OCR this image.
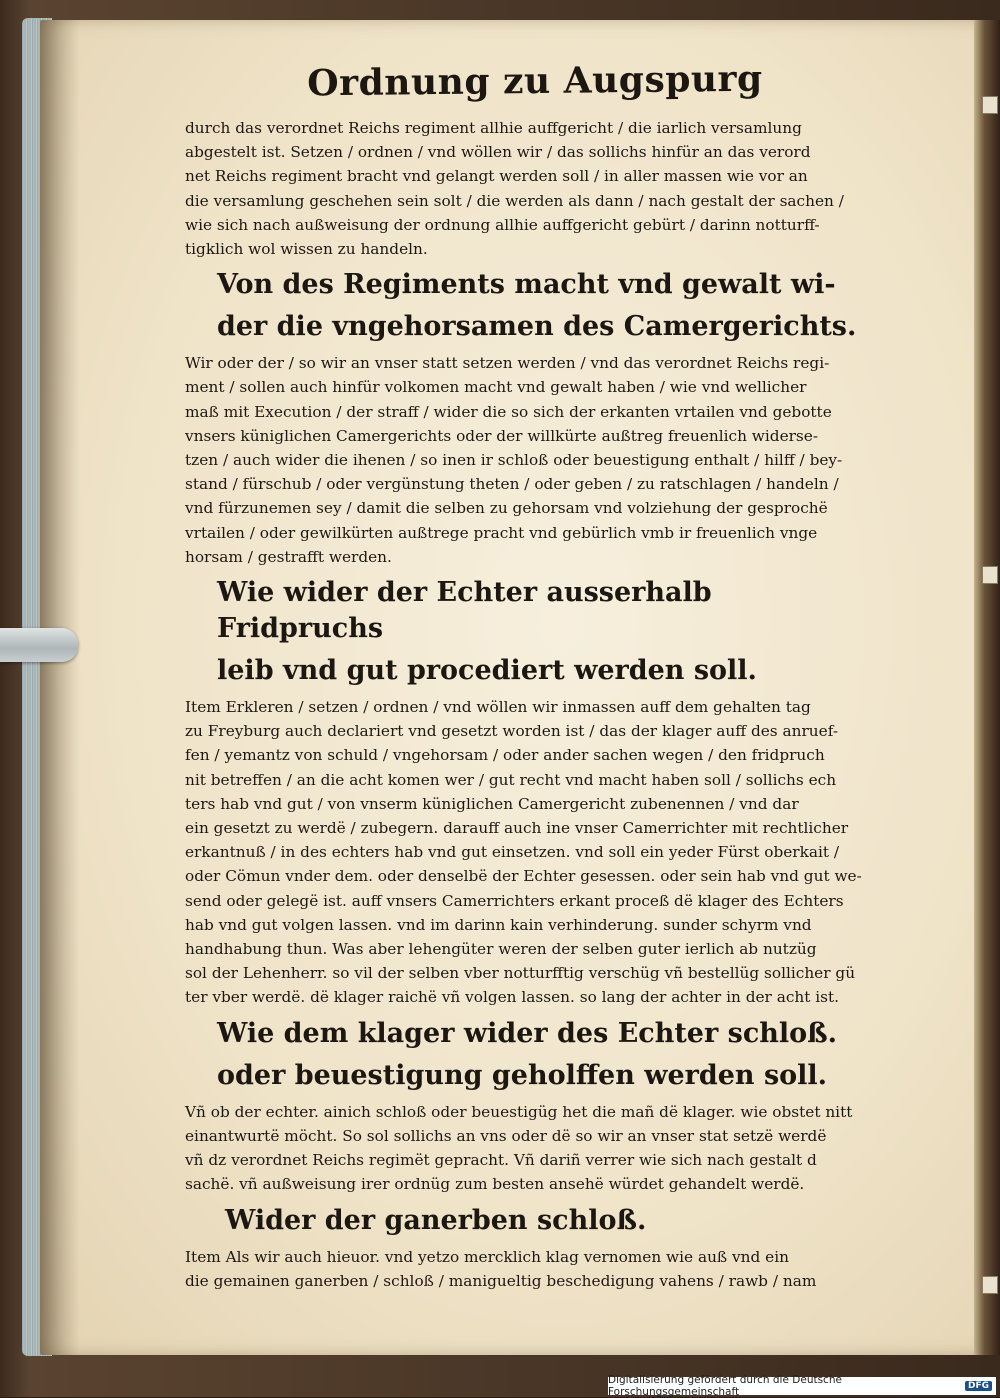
Ordnung zu Augspurg
durch das verordnet Reichs regiment allhie auffgericht / die iarlich versamlung
abgestelt ist. Setzen / ordnen / vnd wöllen wir / das sollichs hinfür an das verord
net Reichs regiment bracht vnd gelangt werden soll / in aller massen wie vor an
die versamlung geschehen sein solt / die werden als dann / nach gestalt der sachen /
wie sich nach außweisung der ordnung allhie auffgericht gebürt / darinn notturff-
tigklich wol wissen zu handeln.
Von des Regiments macht vnd gewalt wi-
der die vngehorsamen des Camergerichts.
Wir oder der / so wir an vnser statt setzen werden / vnd das verordnet Reichs regi-
ment / sollen auch hinfür volkomen macht vnd gewalt haben / wie vnd wellicher
maß mit Execution / der straff / wider die so sich der erkanten vrtailen vnd gebotte
vnsers küniglichen Camergerichts oder der willkürte außtreg freuenlich widerse-
tzen / auch wider die ihenen / so inen ir schloß oder beuestigung enthalt / hilff / bey-
stand / fürschub / oder vergünstung theten / oder geben / zu ratschlagen / handeln /
vnd fürzunemen sey / damit die selben zu gehorsam vnd volziehung der gesprochë
vrtailen / oder gewilkürten außtrege pracht vnd gebürlich vmb ir freuenlich vnge
horsam / gestrafft werden.
Wie wider der Echter ausserhalb Fridpruchs
leib vnd gut procediert werden soll.
Item Erkleren / setzen / ordnen / vnd wöllen wir inmassen auff dem gehalten tag
zu Freyburg auch declariert vnd gesetzt worden ist / das der klager auff des anruef-
fen / yemantz von schuld / vngehorsam / oder ander sachen wegen / den fridpruch
nit betreffen / an die acht komen wer / gut recht vnd macht haben soll / sollichs ech
ters hab vnd gut / von vnserm küniglichen Camergericht zubenennen / vnd dar
ein gesetzt zu werdë / zubegern. darauff auch ine vnser Camerrichter mit rechtlicher
erkantnuß / in des echters hab vnd gut einsetzen. vnd soll ein yeder Fürst oberkait /
oder Cömun vnder dem. oder denselbë der Echter gesessen. oder sein hab vnd gut we-
send oder gelegë ist. auff vnsers Camerrichters erkant proceß dë klager des Echters
hab vnd gut volgen lassen. vnd im darinn kain verhinderung. sunder schyrm vnd
handhabung thun. Was aber lehengüter weren der selben guter ierlich ab nutzüg
sol der Lehenherr. so vil der selben vber notturfftig verschüg vñ bestellüg sollicher gü
ter vber werdë. dë klager raichë vñ volgen lassen. so lang der achter in der acht ist.
Wie dem klager wider des Echter schloß.
oder beuestigung geholffen werden soll.
Vñ ob der echter. ainich schloß oder beuestigüg het die mañ dë klager. wie obstet nitt
einantwurtë möcht. So sol sollichs an vns oder dë so wir an vnser stat setzë werdë
vñ dz verordnet Reichs regimët gepracht. Vñ dariñ verrer wie sich nach gestalt d
sachë. vñ außweisung irer ordnüg zum besten ansehë würdet gehandelt werdë.
Wider der ganerben schloß.
Item Als wir auch hieuor. vnd yetzo mercklich klag vernomen wie auß vnd ein
die gemainen ganerben / schloß / manigueltig beschedigung vahens / rawb / nam
Digitalisierung gefördert durch die Deutsche Forschungsgemeinschaft	DFG
